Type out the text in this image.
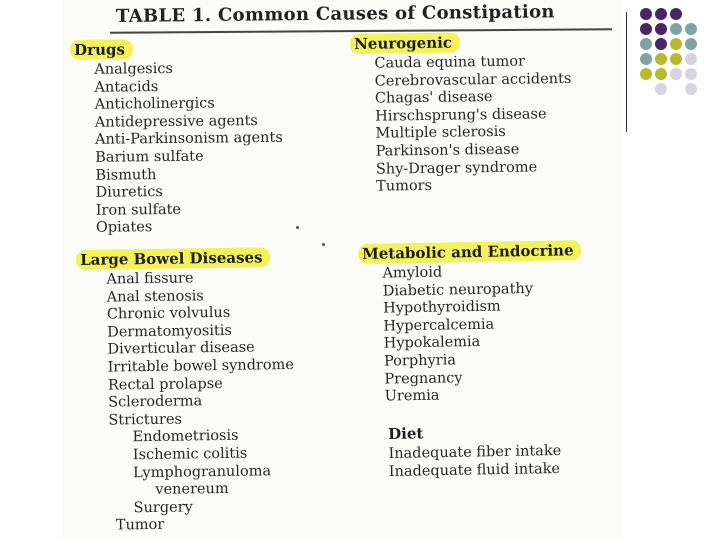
TABLE 1. Common Causes of Constipation
Drugs
Analgesics
Antacids
Anticholinergics
Antidepressive agents
Anti-Parkinsonism agents
Barium sulfate
Bismuth
Diuretics
Iron sulfate
Opiates
Neurogenic
Cauda equina tumor
Cerebrovascular accidents
Chagas' disease
Hirschsprung's disease
Multiple sclerosis
Parkinson's disease
Shy-Drager syndrome
Tumors
Large Bowel Diseases
Anal fissure
Anal stenosis
Chronic volvulus
Dermatomyositis
Diverticular disease
Irritable bowel syndrome
Rectal prolapse
Scleroderma
Strictures
Endometriosis
Ischemic colitis
Lymphogranuloma
venereum
Surgery
Tumor
Metabolic and Endocrine
Amyloid
Diabetic neuropathy
Hypothyroidism
Hypercalcemia
Hypokalemia
Porphyria
Pregnancy
Uremia
Diet
Inadequate fiber intake
Inadequate fluid intake
